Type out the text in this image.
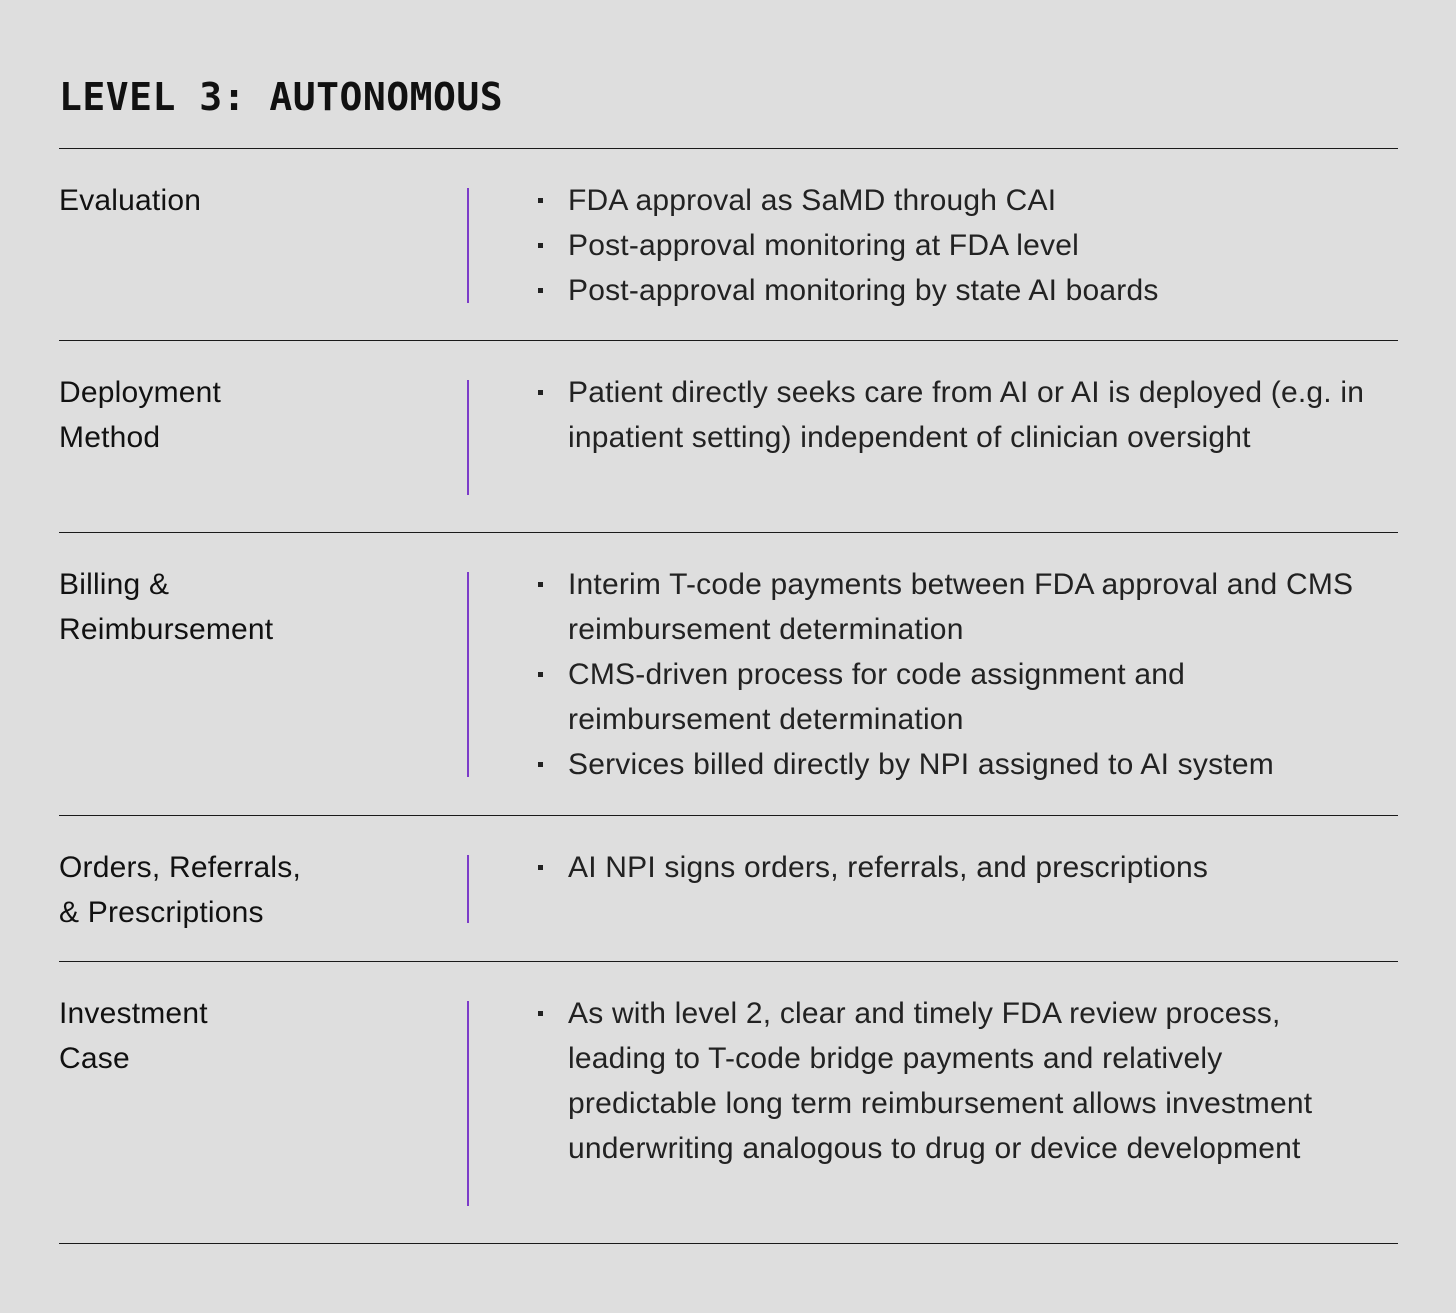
LEVEL 3: AUTONOMOUS
Evaluation	FDA approval as SaMD through CAI
Post-approval monitoring at FDA level
Post-approval monitoring by state AI boards
Deployment
Method
Patient directly seeks care from AI or AI is deployed (e.g. in inpatient setting) independent of clinician oversight
Billing &
Reimbursement
Interim T-code payments between FDA approval and CMS reimbursement determination
CMS-driven process for code assignment and reimbursement determination
Services billed directly by NPI assigned to AI system
Orders, Referrals,
& Prescriptions
AI NPI signs orders, referrals, and prescriptions
Investment
Case
As with level 2, clear and timely FDA review process, leading to T-code bridge payments and relatively predictable long term reimbursement allows investment underwriting analogous to drug or device development
